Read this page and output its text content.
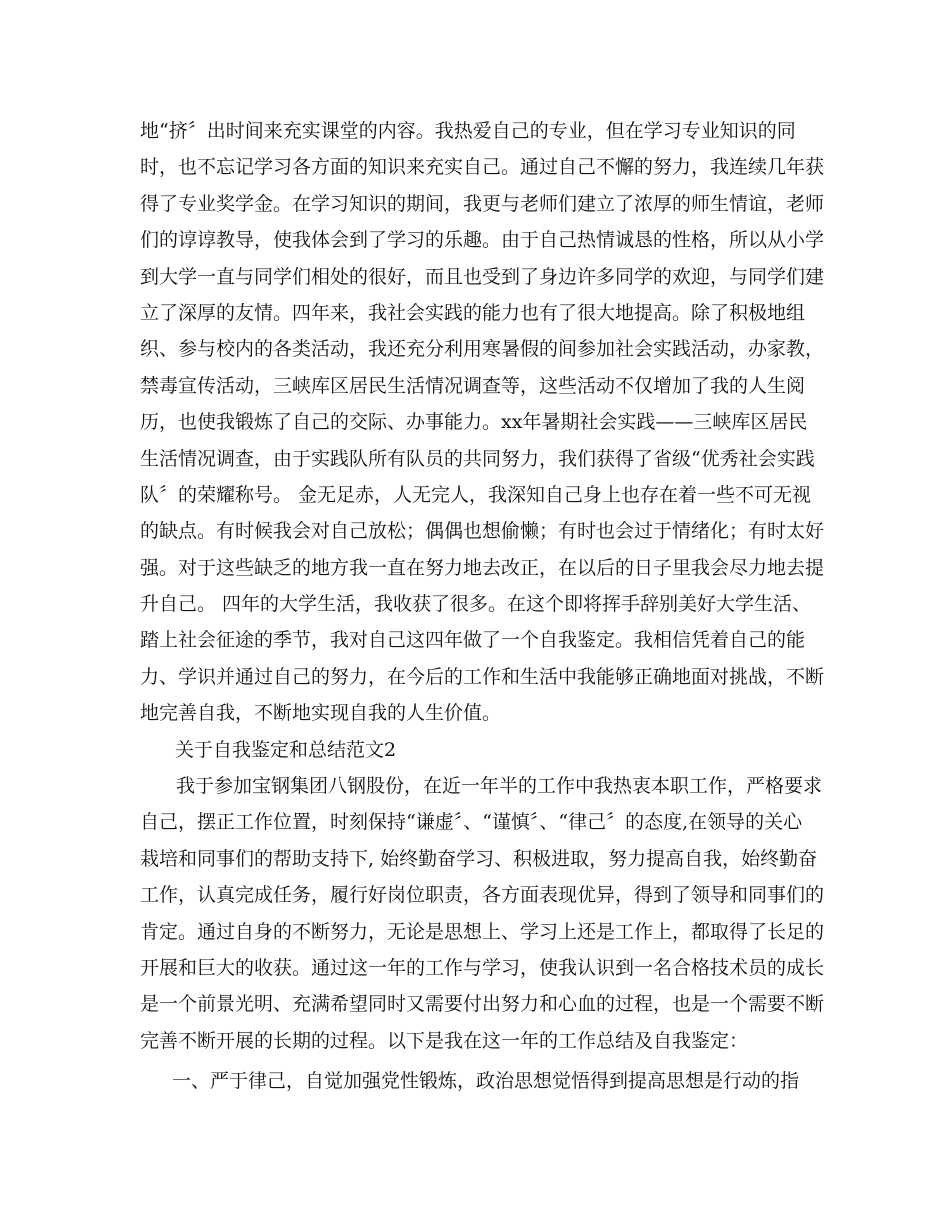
地“挤〞出时间来充实课堂的内容。我热爱自己的专业，但在学习专业知识的同
时，也不忘记学习各方面的知识来充实自己。通过自己不懈的努力，我连续几年获
得了专业奖学金。在学习知识的期间，我更与老师们建立了浓厚的师生情谊，老师
们的谆谆教导，使我体会到了学习的乐趣。由于自己热情诚恳的性格，所以从小学
到大学一直与同学们相处的很好，而且也受到了身边许多同学的欢迎，与同学们建
立了深厚的友情。四年来，我社会实践的能力也有了很大地提高。除了积极地组
织、参与校内的各类活动，我还充分利用寒暑假的间参加社会实践活动，办家教，
禁毒宣传活动，三峡库区居民生活情况调查等，这些活动不仅增加了我的人生阅
历，也使我锻炼了自己的交际、办事能力。xx年暑期社会实践——三峡库区居民
生活情况调查，由于实践队所有队员的共同努力，我们获得了省级“优秀社会实践
队〞的荣耀称号。 金无足赤，人无完人，我深知自己身上也存在着一些不可无视
的缺点。有时候我会对自己放松；偶偶也想偷懒；有时也会过于情绪化；有时太好
强。对于这些缺乏的地方我一直在努力地去改正，在以后的日子里我会尽力地去提
升自己。 四年的大学生活，我收获了很多。在这个即将挥手辞别美好大学生活、
踏上社会征途的季节，我对自己这四年做了一个自我鉴定。我相信凭着自己的能
力、学识并通过自己的努力，在今后的工作和生活中我能够正确地面对挑战，不断
地完善自我，不断地实现自我的人生价值。
关于自我鉴定和总结范文2
我于参加宝钢集团八钢股份，在近一年半的工作中我热衷本职工作，严格要求
自己，摆正工作位置，时刻保持“谦虚〞、“谨慎〞、“律己〞的态度,在领导的关心
栽培和同事们的帮助支持下, 始终勤奋学习、积极进取，努力提高自我，始终勤奋
工作，认真完成任务，履行好岗位职责，各方面表现优异，得到了领导和同事们的
肯定。通过自身的不断努力，无论是思想上、学习上还是工作上，都取得了长足的
开展和巨大的收获。通过这一年的工作与学习，使我认识到一名合格技术员的成长
是一个前景光明、充满希望同时又需要付出努力和心血的过程，也是一个需要不断
完善不断开展的长期的过程。以下是我在这一年的工作总结及自我鉴定：
一、严于律己，自觉加强党性锻炼，政治思想觉悟得到提高思想是行动的指
